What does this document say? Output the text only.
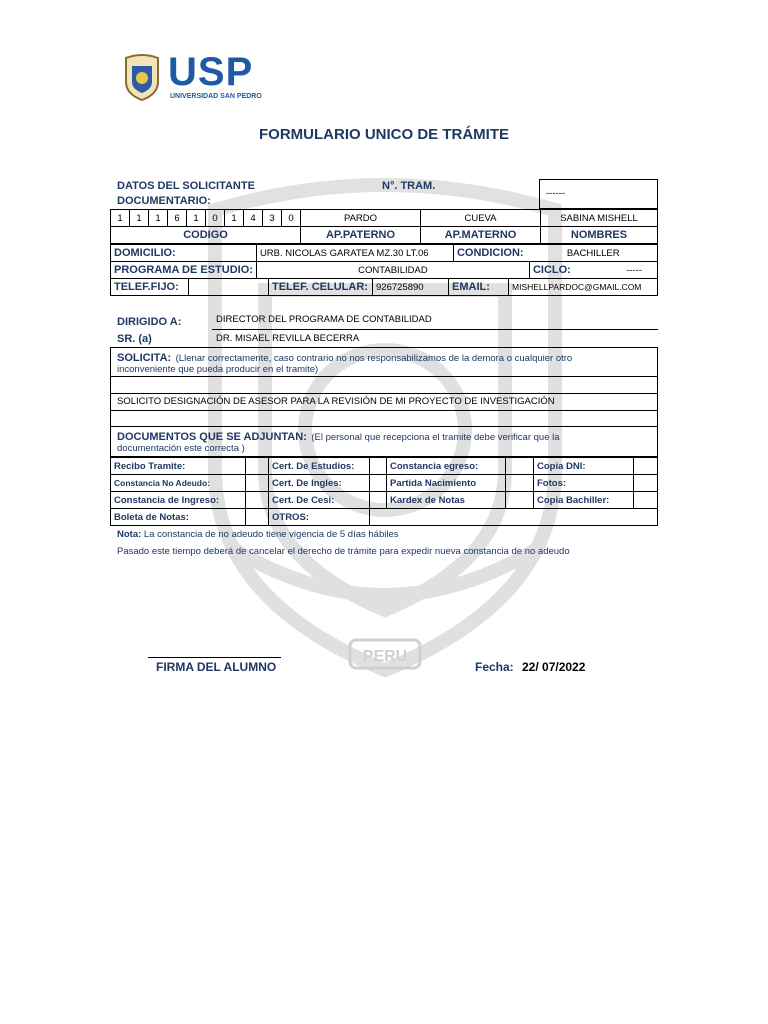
PERU
USP
UNIVERSIDAD SAN PEDRO
FORMULARIO UNICO DE TRÁMITE
DATOS DEL SOLICITANTE
DOCUMENTARIO:
N°. TRAM.
------
1	1	1	6	1	0	1	4	3	0	PARDO	CUEVA	SABINA MISHELL
CODIGO										AP.PATERNO	AP.MATERNO	NOMBRES
DOMICILIO:	URB. NICOLAS GARATEA MZ.30 LT.06	CONDICION:	BACHILLER
PROGRAMA DE ESTUDIO:	CONTABILIDAD		CICLO: -----
TELEF.FIJO:		TELEF. CELULAR:	926725890	EMAIL:	MISHELLPARDOC@GMAIL.COM
DIRIGIDO A:	DIRECTOR DEL PROGRAMA DE CONTABILIDAD
SR. (a)	DR. MISAEL REVILLA BECERRA
SOLICITA: (Llenar correctamente, caso contrario no nos responsabilizamos de la demora o cualquier otro
inconveniente que pueda producir en el tramite)
SOLICITO DESIGNACIÓN DE ASESOR PARA LA REVISIÓN DE MI PROYECTO DE INVESTIGACIÓN
DOCUMENTOS QUE SE ADJUNTAN: (El personal que recepciona el tramite debe verificar que la
documentación este correcta )
Recibo Tramite:		Cert. De Estudios:		Constancia egreso:		Copia DNI:	
Constancia No Adeudo:		Cert. De Ingles:		Partida Nacimiento		Fotos:	
Constancia de Ingreso:		Cert. De Cesi:		Kardex de Notas		Copia Bachiller:	
Boleta de Notas:		OTROS:					
Nota: La constancia de no adeudo tiene vigencia de 5 días hábiles
Pasado este tiempo deberá de cancelar el derecho de trámite para expedir nueva constancia de no adeudo
FIRMA DEL ALUMNO	Fecha: 22/ 07/2022
